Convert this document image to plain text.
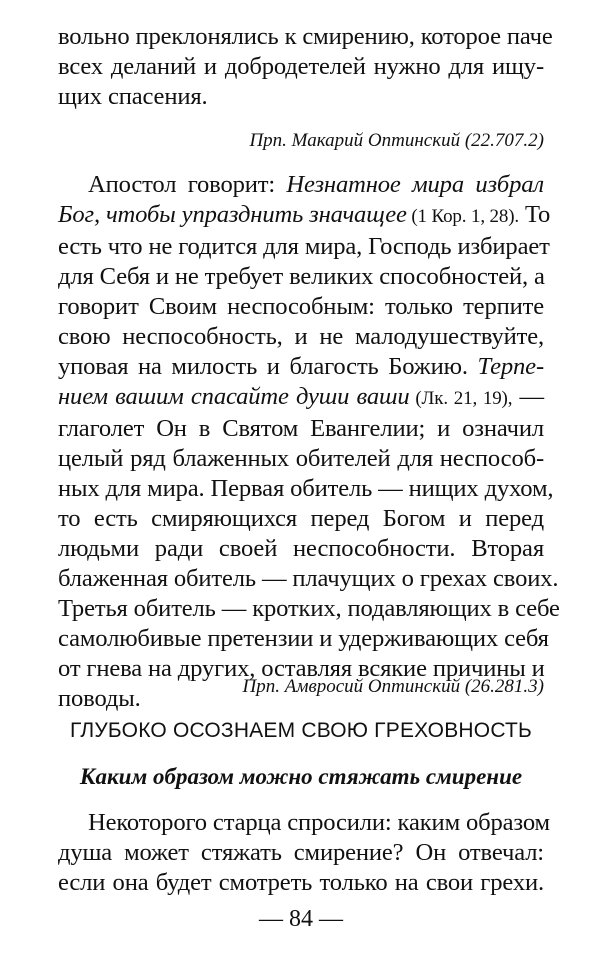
вольно преклонялись к смирению, которое паче
всех деланий и добродетелей нужно для ищу-
щих спасения.
Прп. Макарий Оптинский (22.707.2)
Апостол говорит: Незнатное мира избрал
Бог, чтобы упразднить значащее (1 Кор. 1, 28). То
есть что не годится для мира, Господь избирает
для Себя и не требует великих способностей, а
говорит Своим неспособным: только терпите
свою неспособность, и не малодушествуйте,
уповая на милость и благость Божию. Терпе-
нием вашим спасайте души ваши (Лк. 21, 19), —
глаголет Он в Святом Евангелии; и означил
целый ряд блаженных обителей для неспособ-
ных для мира. Первая обитель — нищих духом,
то есть смиряющихся перед Богом и перед
людьми ради своей неспособности. Вторая
блаженная обитель — плачущих о грехах своих.
Третья обитель — кротких, подавляющих в себе
самолюбивые претензии и удерживающих себя
от гнева на других, оставляя всякие причины и
поводы.	Прп. Амвросий Оптинский (26.281.3)
ГЛУБОКО ОСОЗНАЕМ СВОЮ ГРЕХОВНОСТЬ
Каким образом можно стяжать смирение
Некоторого старца спросили: каким образом
душа может стяжать смирение? Он отвечал:
если она будет смотреть только на свои грехи.
— 84 —
